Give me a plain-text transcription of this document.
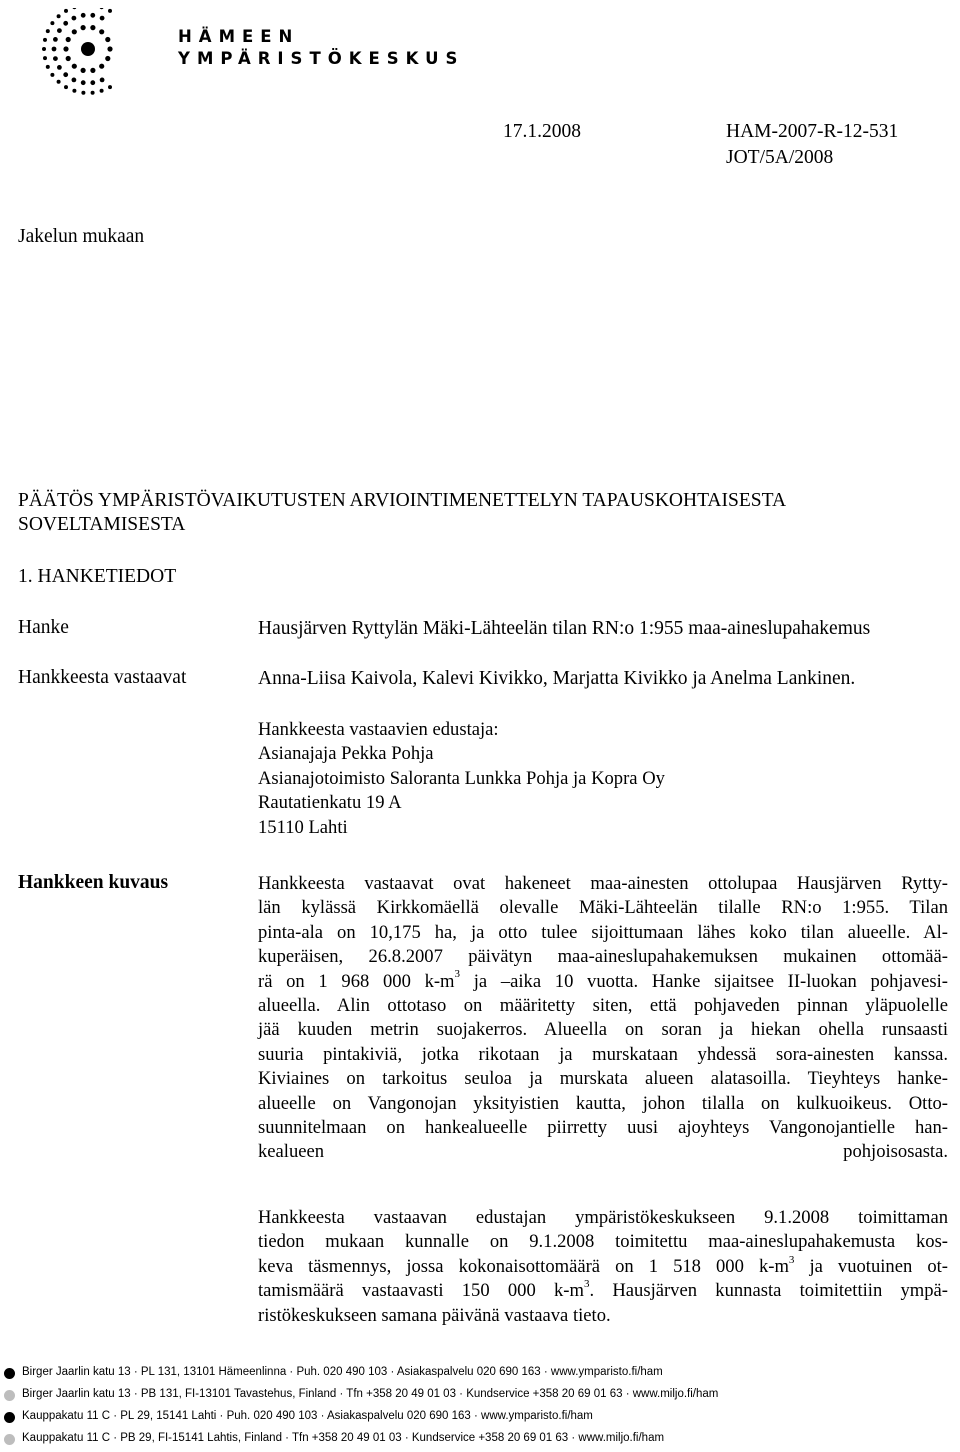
HÄMEEN
YMPÄRISTÖKESKUS
17.1.2008	HAM-2007-R-12-531
JOT/5A/2008
Jakelun mukaan
PÄÄTÖS YMPÄRISTÖVAIKUTUSTEN ARVIOINTIMENETTELYN TAPAUSKOHTAISESTA
SOVELTAMISESTA
1. HANKETIEDOT
Hanke	Hausjärven Ryttylän Mäki-Lähteelän tilan RN:o 1:955 maa-aineslupahakemus
Hankkeesta vastaavat	Anna-Liisa Kaivola, Kalevi Kivikko, Marjatta Kivikko ja Anelma Lankinen.
Hankkeesta vastaavien edustaja:
Asianajaja Pekka Pohja
Asianajotoimisto Saloranta Lunkka Pohja ja Kopra Oy
Rautatienkatu 19 A
15110 Lahti
Hankkeen kuvaus	Hankkeesta vastaavat ovat hakeneet maa-ainesten ottolupaa Hausjärven Rytty-
län kylässä Kirkkomäellä olevalle Mäki-Lähteelän tilalle RN:o 1:955. Tilan
pinta-ala on 10,175 ha, ja otto tulee sijoittumaan lähes koko tilan alueelle. Al-
kuperäisen, 26.8.2007 päivätyn maa-aineslupahakemuksen mukainen ottomää-
rä on 1 968 000 $k-m^3$ ja –aika 10 vuotta. Hanke sijaitsee II-luokan pohjavesi-
alueella. Alin ottotaso on määritetty siten, että pohjaveden pinnan yläpuolelle
jää kuuden metrin suojakerros. Alueella on soran ja hiekan ohella runsaasti
suuria pintakiviä, jotka rikotaan ja murskataan yhdessä sora-ainesten kanssa.
Kiviaines on tarkoitus seuloa ja murskata alueen alatasoilla. Tieyhteys hanke-
alueelle on Vangonojan yksityistien kautta, johon tilalla on kulkuoikeus. Otto-
suunnitelmaan on hankealueelle piirretty uusi ajoyhteys Vangonojantielle han-
kealueen pohjoisosasta.
Hankkeesta vastaavan edustajan ympäristökeskukseen 9.1.2008 toimittaman
tiedon mukaan kunnalle on 9.1.2008 toimitettu maa-aineslupahakemusta kos-
keva täsmennys, jossa kokonaisottomäärä on 1 518 000 $k-m^3$ ja vuotuinen ot-
tamismäärä vastaavasti 150 000 $k-m^3$. Hausjärven kunnasta toimitettiin ympä-
ristökeskukseen samana päivänä vastaava tieto.
Birger Jaarlin katu 13 · PL 131, 13101 Hämeenlinna · Puh. 020 490 103 · Asiakaspalvelu 020 690 163 · www.ymparisto.fi/ham
Birger Jaarlin katu 13 · PB 131, FI-13101 Tavastehus, Finland · Tfn +358 20 49 01 03 · Kundservice +358 20 69 01 63 · www.miljo.fi/ham
Kauppakatu 11 C · PL 29, 15141 Lahti · Puh. 020 490 103 · Asiakaspalvelu 020 690 163 · www.ymparisto.fi/ham
Kauppakatu 11 C · PB 29, FI-15141 Lahtis, Finland · Tfn +358 20 49 01 03 · Kundservice +358 20 69 01 63 · www.miljo.fi/ham
